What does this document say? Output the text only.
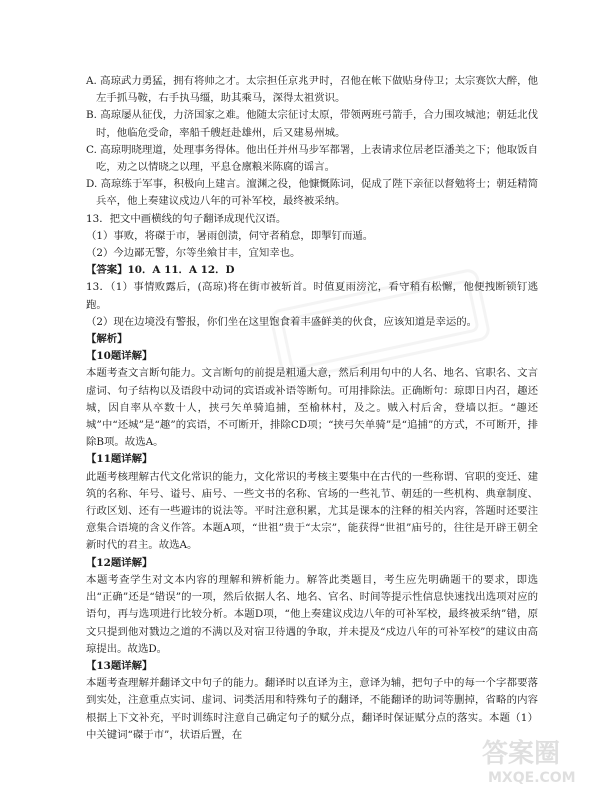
A. 高琼武力勇猛，拥有将帅之才。太宗担任京兆尹时，召他在帐下做贴身侍卫；太宗赛饮大醉，他左手抓马鞍，右手执马缰，助其乘马，深得太祖赏识。

B. 高琼屡从征伐，力济国家之难。他随太宗征讨太原，带领两班弓箭手，合力围攻城池；朝廷北伐时，他临危受命，率船千艘赶赴雄州，后又建易州城。

C. 高琼明晓理道，处理事务得体。他出任并州马步军都署，上表请求位居老臣潘美之下；他取饭自吃，劝之以情晓之以理，平息仓廪粮米陈腐的谣言。

D. 高琼练于军事，积极向上建言。澶渊之役，他慷慨陈词，促成了陛下亲征以督勉将士；朝廷精简兵卒，他上奏建议戍边八年的可补军校，最终被采纳。

13．把文中画横线的句子翻译成现代汉语。

（1）事败，将磔于市，暑雨创渍，伺守者稍怠，即掣钉而遁。

（2）今边鄙无警，尔等坐飨甘丰，宜知幸也。

【答案】10．A 11．A 12．D

13．（1）事情败露后，(高琼)将在街市被斩首。时值夏雨滂沱，看守稍有松懈，他便拽断锁钉逃跑。

（2）现在边境没有警报，你们坐在这里饱食着丰盛鲜美的伙食，应该知道是幸运的。

【解析】

【10题详解】

本题考查文言断句能力。文言断句的前提是粗通大意，然后利用句中的人名、地名、官职名、文言虚词、句子结构以及语段中动词的宾语或补语等断句。可用排除法。正确断句：琼即日内召，趣还城，因自率从卒数十人，挟弓矢单骑追捕，至榆林村，及之。贼入村后舍，登墙以拒。“趣还城”中“还城”是“趣”的宾语，不可断开，排除CD项；“挟弓矢单骑”是“追捕”的方式，不可断开，排除B项。故选A。

【11题详解】

此题考核理解古代文化常识的能力，文化常识的考核主要集中在古代的一些称谓、官职的变迁、建筑的名称、年号、谥号、庙号、一些文书的名称、官场的一些礼节、朝廷的一些机构、典章制度、行政区划、还有一些避讳的说法等。平时注意积累，尤其是课本的注释的相关内容，答题时还要注意集合语境的含义作答。本题A项，“世祖”贵于“太宗”，能获得“世祖”庙号的，往往是开辟王朝全新时代的君主。故选A。

【12题详解】

本题考查学生对文本内容的理解和辨析能力。解答此类题目，考生应先明确题干的要求，即选出“正确”还是“错误”的一项，然后依据人名、地名、官名、时间等提示性信息快速找出选项对应的语句，再与选项进行比较分析。本题D项，“他上奏建议戍边八年的可补军校，最终被采纳”错，原文只提到他对戮边之道的不满以及对宿卫待遇的争取，并未提及“戍边八年的可补军校”的建议由高琼提出。故选D。

【13题详解】

本题考查理解并翻译文中句子的能力。翻译时以直译为主，意译为辅，把句子中的每一个字都要落到实处，注意重点实词、虚词、词类活用和特殊句子的翻译，不能翻译的助词等删掉，省略的内容根据上下文补充，平时训练时注意自己确定句子的赋分点，翻译时保证赋分点的落实。本题（1）中关键词“磔于市”，状语后置，在

答案圈
MXQE.COM
